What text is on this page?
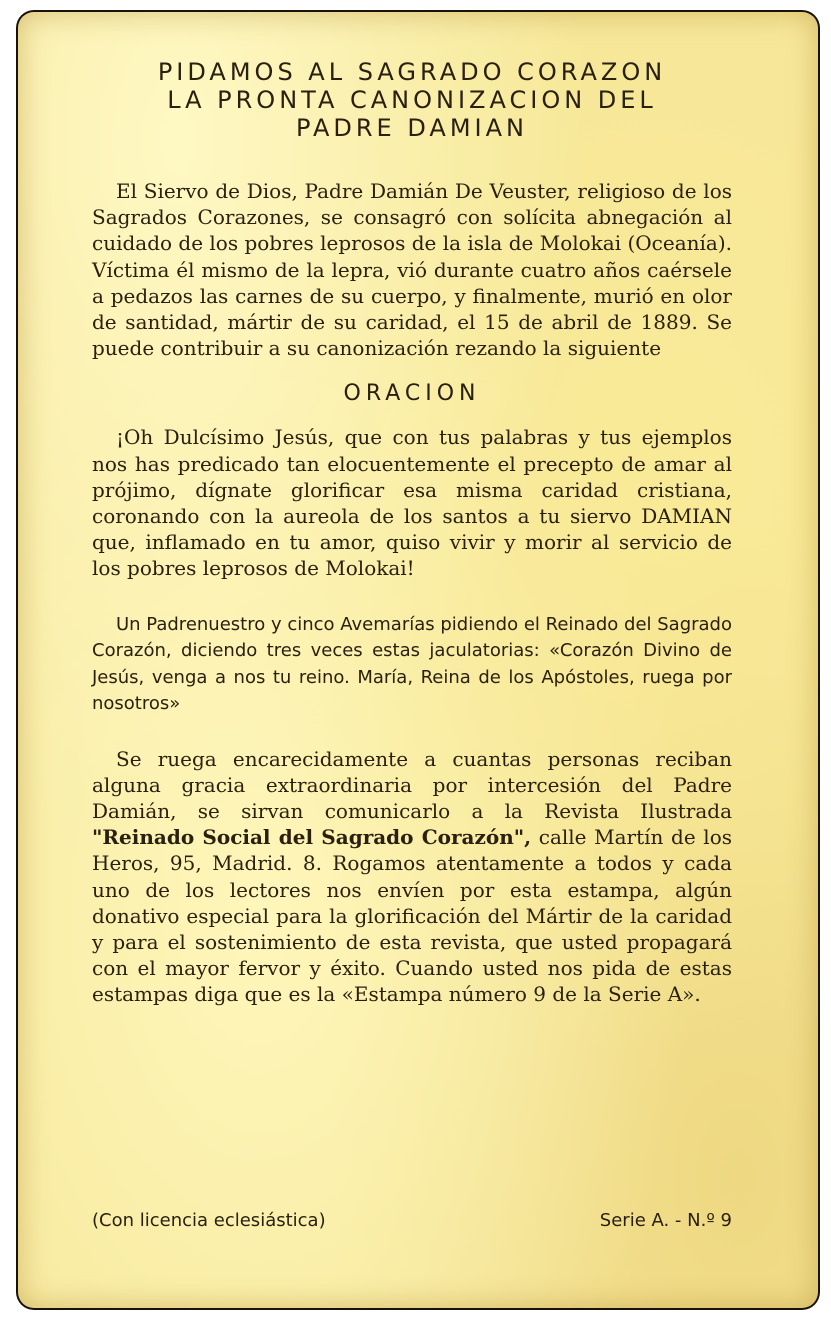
PIDAMOS AL SAGRADO CORAZON
LA PRONTA CANONIZACION DEL
PADRE DAMIAN

El Siervo de Dios, Padre Damián De Veuster, religioso de los Sagrados Corazones, se consagró con solícita abnegación al cuidado de los pobres leprosos de la isla de Molokai (Oceanía). Víctima él mismo de la lepra, vió durante cuatro años caérsele a pedazos las carnes de su cuerpo, y finalmente, murió en olor de santidad, mártir de su caridad, el 15 de abril de 1889. Se puede contribuir a su canonización rezando la siguiente

ORACION

¡Oh Dulcísimo Jesús, que con tus palabras y tus ejemplos nos has predicado tan elocuentemente el precepto de amar al prójimo, dígnate glorificar esa misma caridad cristiana, coronando con la aureola de los santos a tu siervo DAMIAN que, inflamado en tu amor, quiso vivir y morir al servicio de los pobres leprosos de Molokai!

Un Padrenuestro y cinco Avemarías pidiendo el Reinado del Sagrado Corazón, diciendo tres veces estas jaculatorias: «Corazón Divino de Jesús, venga a nos tu reino. María, Reina de los Apóstoles, ruega por nosotros»

Se ruega encarecidamente a cuantas personas reciban alguna gracia extraordinaria por intercesión del Padre Damián, se sirvan comunicarlo a la Revista Ilustrada "Reinado Social del Sagrado Corazón", calle Martín de los Heros, 95, Madrid. 8. Rogamos atentamente a todos y cada uno de los lectores nos envíen por esta estampa, algún donativo especial para la glorificación del Mártir de la caridad y para el sostenimiento de esta revista, que usted propagará con el mayor fervor y éxito. Cuando usted nos pida de estas estampas diga que es la «Estampa número 9 de la Serie A».

(Con licencia eclesiástica)	Serie A. - N.º 9
